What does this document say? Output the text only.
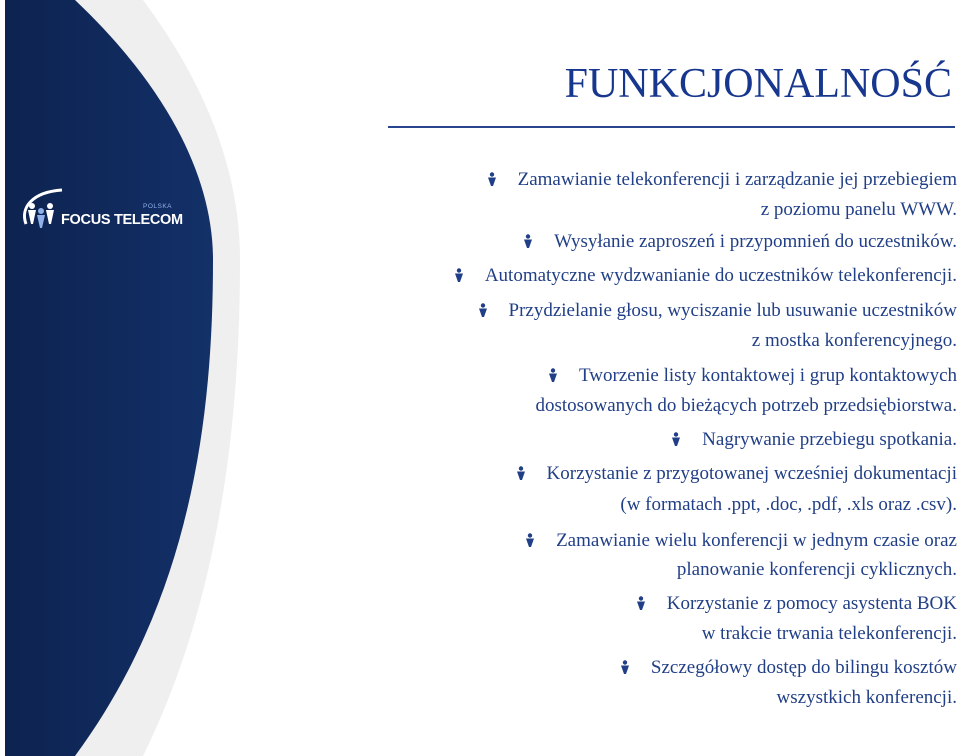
POLSKA
FOCUS TELECOM
FUNKCJONALNOŚĆ
Zamawianie telekonferencji i zarządzanie jej przebiegiem
z poziomu panelu WWW.
Wysyłanie zaproszeń i przypomnień do uczestników.
Automatyczne wydzwanianie do uczestników telekonferencji.
Przydzielanie głosu, wyciszanie lub usuwanie uczestników
z mostka konferencyjnego.
Tworzenie listy kontaktowej i grup kontaktowych
dostosowanych do bieżących potrzeb przedsiębiorstwa.
Nagrywanie przebiegu spotkania.
Korzystanie z przygotowanej wcześniej dokumentacji
(w formatach .ppt, .doc, .pdf, .xls oraz .csv).
Zamawianie wielu konferencji w jednym czasie oraz
planowanie konferencji cyklicznych.
Korzystanie z pomocy asystenta BOK
w trakcie trwania telekonferencji.
Szczegółowy dostęp do bilingu kosztów
wszystkich konferencji.
